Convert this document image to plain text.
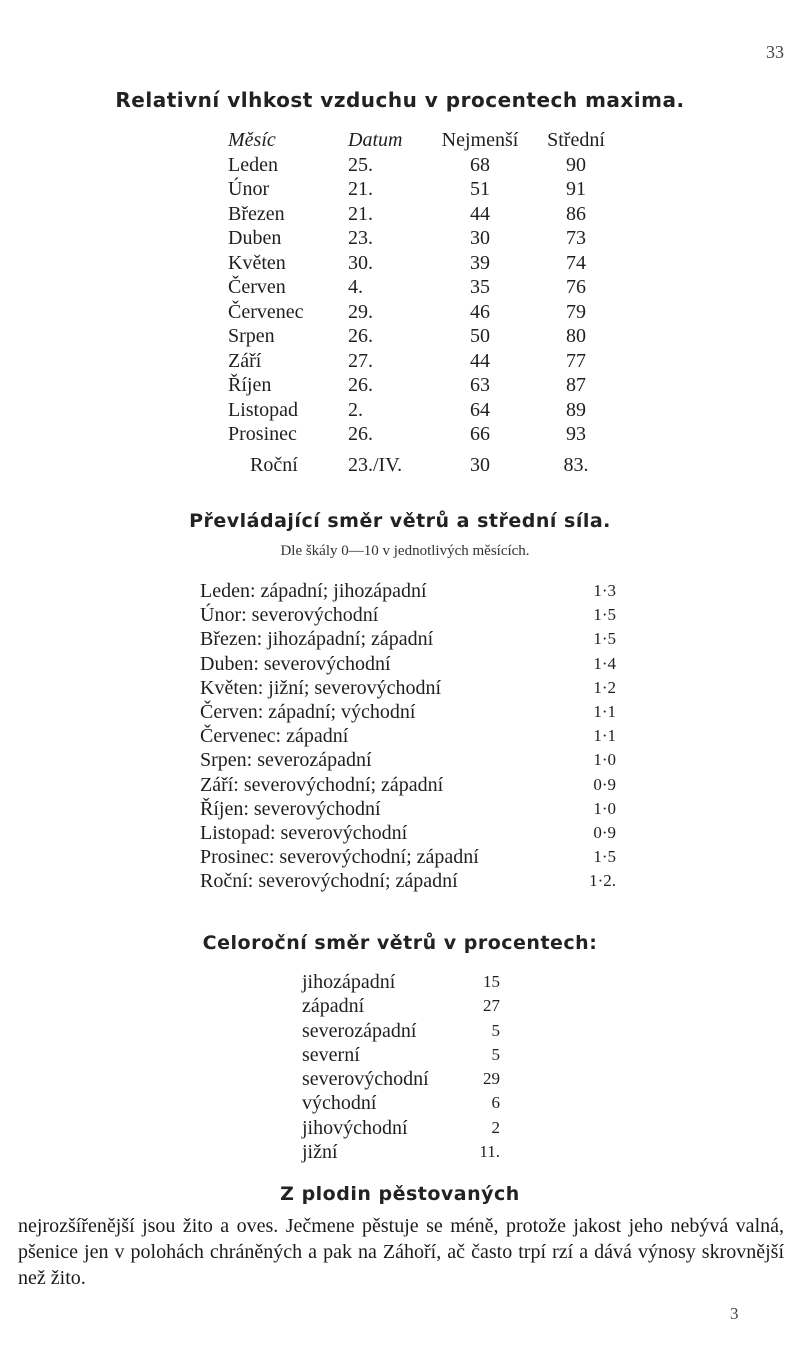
33
Relativní vlhkost vzduchu v procentech maxima.
Měsíc	Datum	Nejmenší	Střední
Leden	25.	68	90
Únor	21.	51	91
Březen	21.	44	86
Duben	23.	30	73
Květen	30.	39	74
Červen	4.	35	76
Červenec	29.	46	79
Srpen	26.	50	80
Září	27.	44	77
Říjen	26.	63	87
Listopad	2.	64	89
Prosinec	26.	66	93
Roční	23./IV.	30	83.
Převládající směr větrů a střední síla.
Dle škály 0—10 v jednotlivých měsících.
Leden: západní; jihozápadní	1·3
Únor: severovýchodní	1·5
Březen: jihozápadní; západní	1·5
Duben: severovýchodní	1·4
Květen: jižní; severovýchodní	1·2
Červen: západní; východní	1·1
Červenec: západní	1·1
Srpen: severozápadní	1·0
Září: severovýchodní; západní	0·9
Říjen: severovýchodní	1·0
Listopad: severovýchodní	0·9
Prosinec: severovýchodní; západní	1·5
Roční: severovýchodní; západní	1·2.
Celoroční směr větrů v procentech:
jihozápadní	15
západní	27
severozápadní	5
severní	5
severovýchodní	29
východní	6
jihovýchodní	2
jižní	11.
Z plodin pěstovaných
nejrozšířenější jsou žito a oves. Ječmene pěstuje se méně, protože jakost jeho nebývá valná, pšenice jen v polohách chráněných a pak na Záhoří, ač často trpí rzí a dává výnosy skrovnější než žito.
3
